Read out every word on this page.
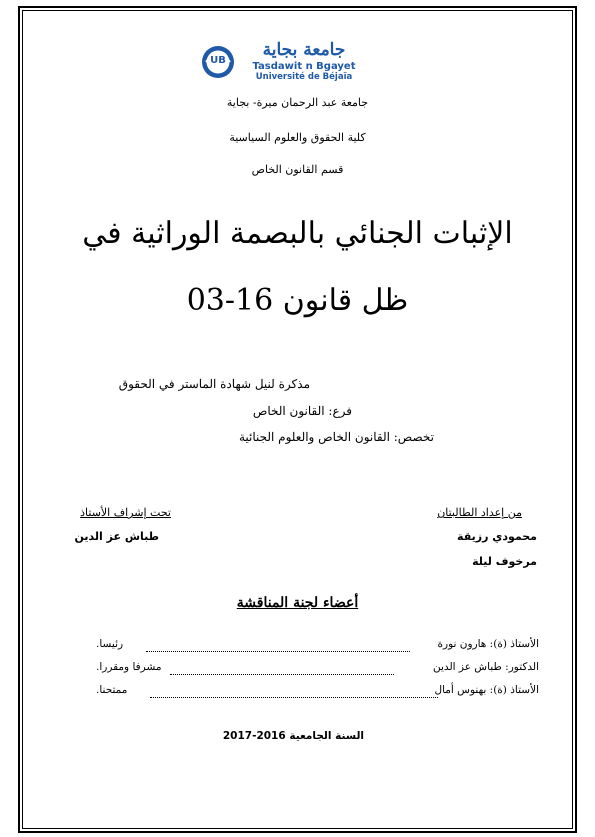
UB
جامعة بجاية
Tasdawit n Bgayet
Université de Béjaïa
جامعة عبد الرحمان ميرة- بجاية
كلية الحقوق والعلوم السياسية
قسم القانون الخاص
الإثبات الجنائي بالبصمة الوراثية في
ظل قانون 16-03
مذكرة لنيل شهادة الماستر في الحقوق
فرع: القانون الخاص
تخصص: القانون الخاص والعلوم الجنائية
من إعداد الطالبتان
محمودي رزيقة
مرخوف ليلة
تحت إشراف الأستاذ
طباش عز الدين
أعضاء لجنة المناقشة
الأستاذ (ة): هارون نورة
رئيسا.
الدكتور: طباش عز الدين
مشرفا ومقررا.
الأستاذ (ة): بهنوس أمال
ممتحنا.
السنة الجامعية 2016-2017
